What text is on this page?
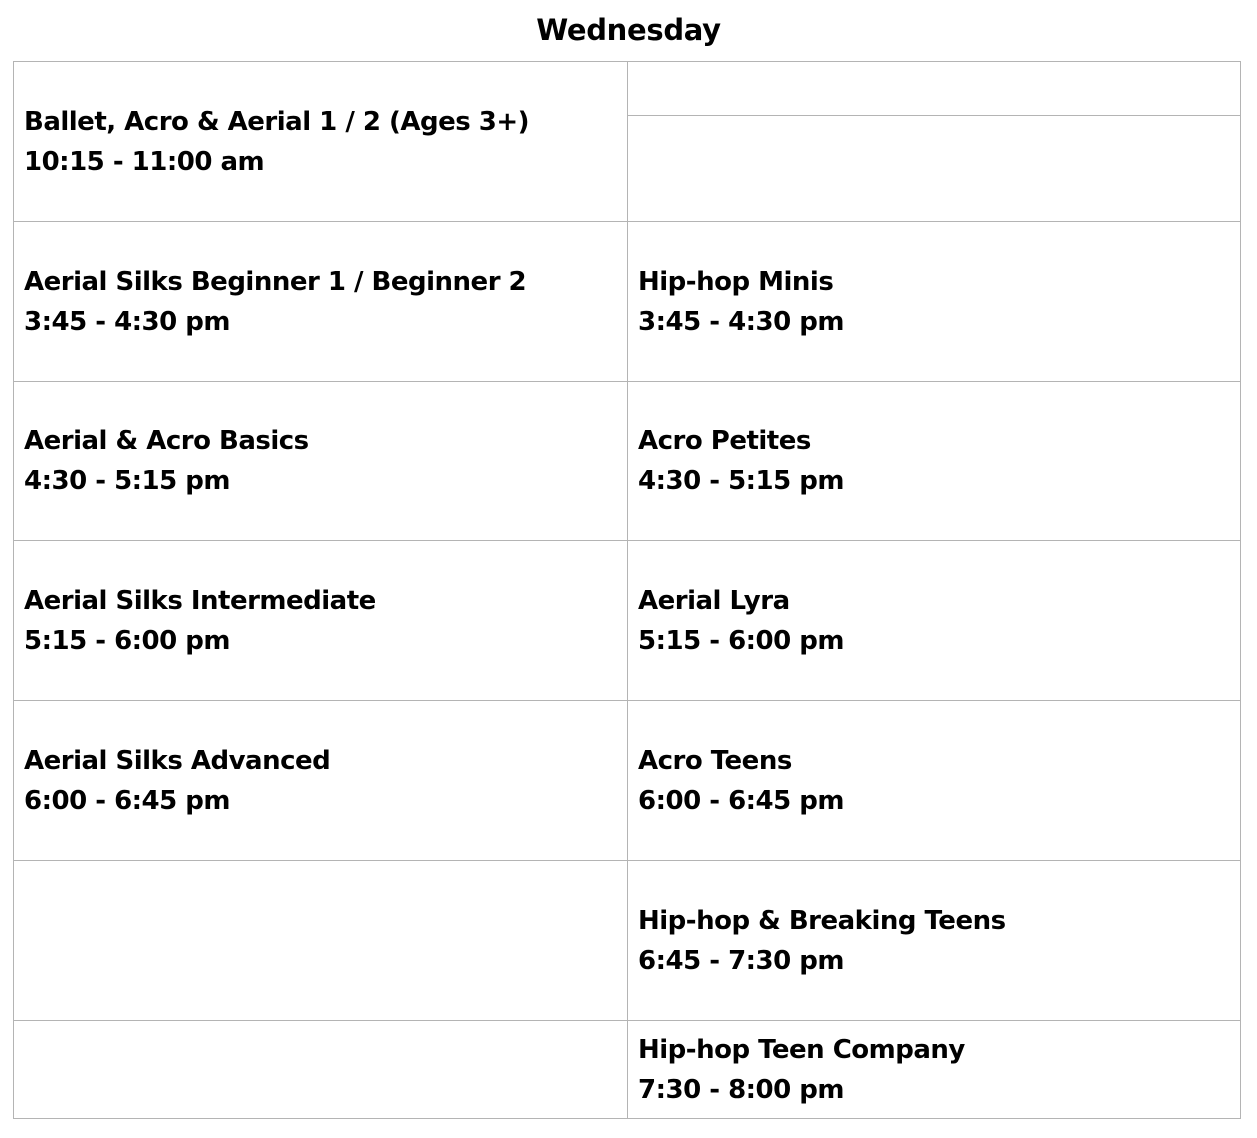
Wednesday
Ballet, Acro & Aerial 1 / 2 (Ages 3+)
10:15 - 11:00 am
Aerial Silks Beginner 1 / Beginner 2
3:45 - 4:30 pm
Aerial & Acro Basics
4:30 - 5:15 pm
Aerial Silks Intermediate
5:15 - 6:00 pm
Aerial Silks Advanced
6:00 - 6:45 pm
Hip-hop Minis
3:45 - 4:30 pm
Acro Petites
4:30 - 5:15 pm
Aerial Lyra
5:15 - 6:00 pm
Acro Teens
6:00 - 6:45 pm
Hip-hop & Breaking Teens
6:45 - 7:30 pm
Hip-hop Teen Company
7:30 - 8:00 pm
